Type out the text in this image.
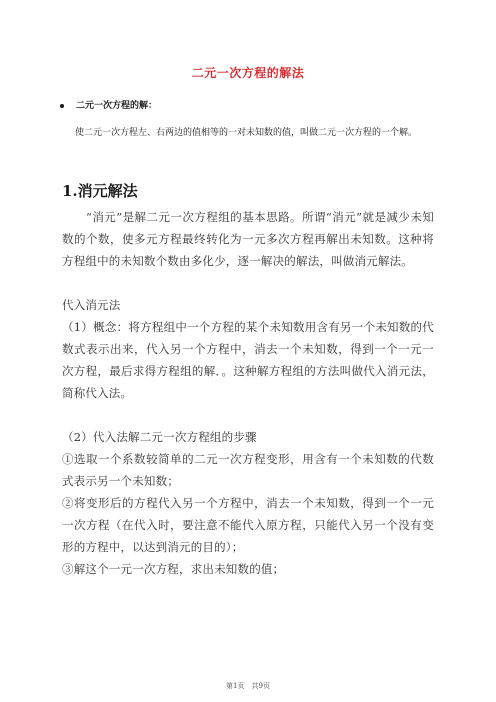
二元一次方程的解法
二元一次方程的解：
使二元一次方程左、右两边的值相等的一对未知数的值，叫做二元一次方程的一个解。
1.消元解法
“消元”是解二元一次方程组的基本思路。所谓“消元”就是减少未知数的个数，使多元方程最终转化为一元多次方程再解出未知数。这种将方程组中的未知数个数由多化少，逐一解决的解法，叫做消元解法。
代入消元法
（1）概念：将方程组中一个方程的某个未知数用含有另一个未知数的代数式表示出来，代入另一个方程中，消去一个未知数，得到一个一元一次方程，最后求得方程组的解．。这种解方程组的方法叫做代入消元法，简称代入法。
（2）代入法解二元一次方程组的步骤
①选取一个系数较简单的二元一次方程变形，用含有一个未知数的代数式表示另一个未知数；
②将变形后的方程代入另一个方程中，消去一个未知数，得到一个一元一次方程（在代入时，要注意不能代入原方程，只能代入另一个没有变形的方程中，以达到消元的目的）；
③解这个一元一次方程，求出未知数的值；
第1页　共9页
